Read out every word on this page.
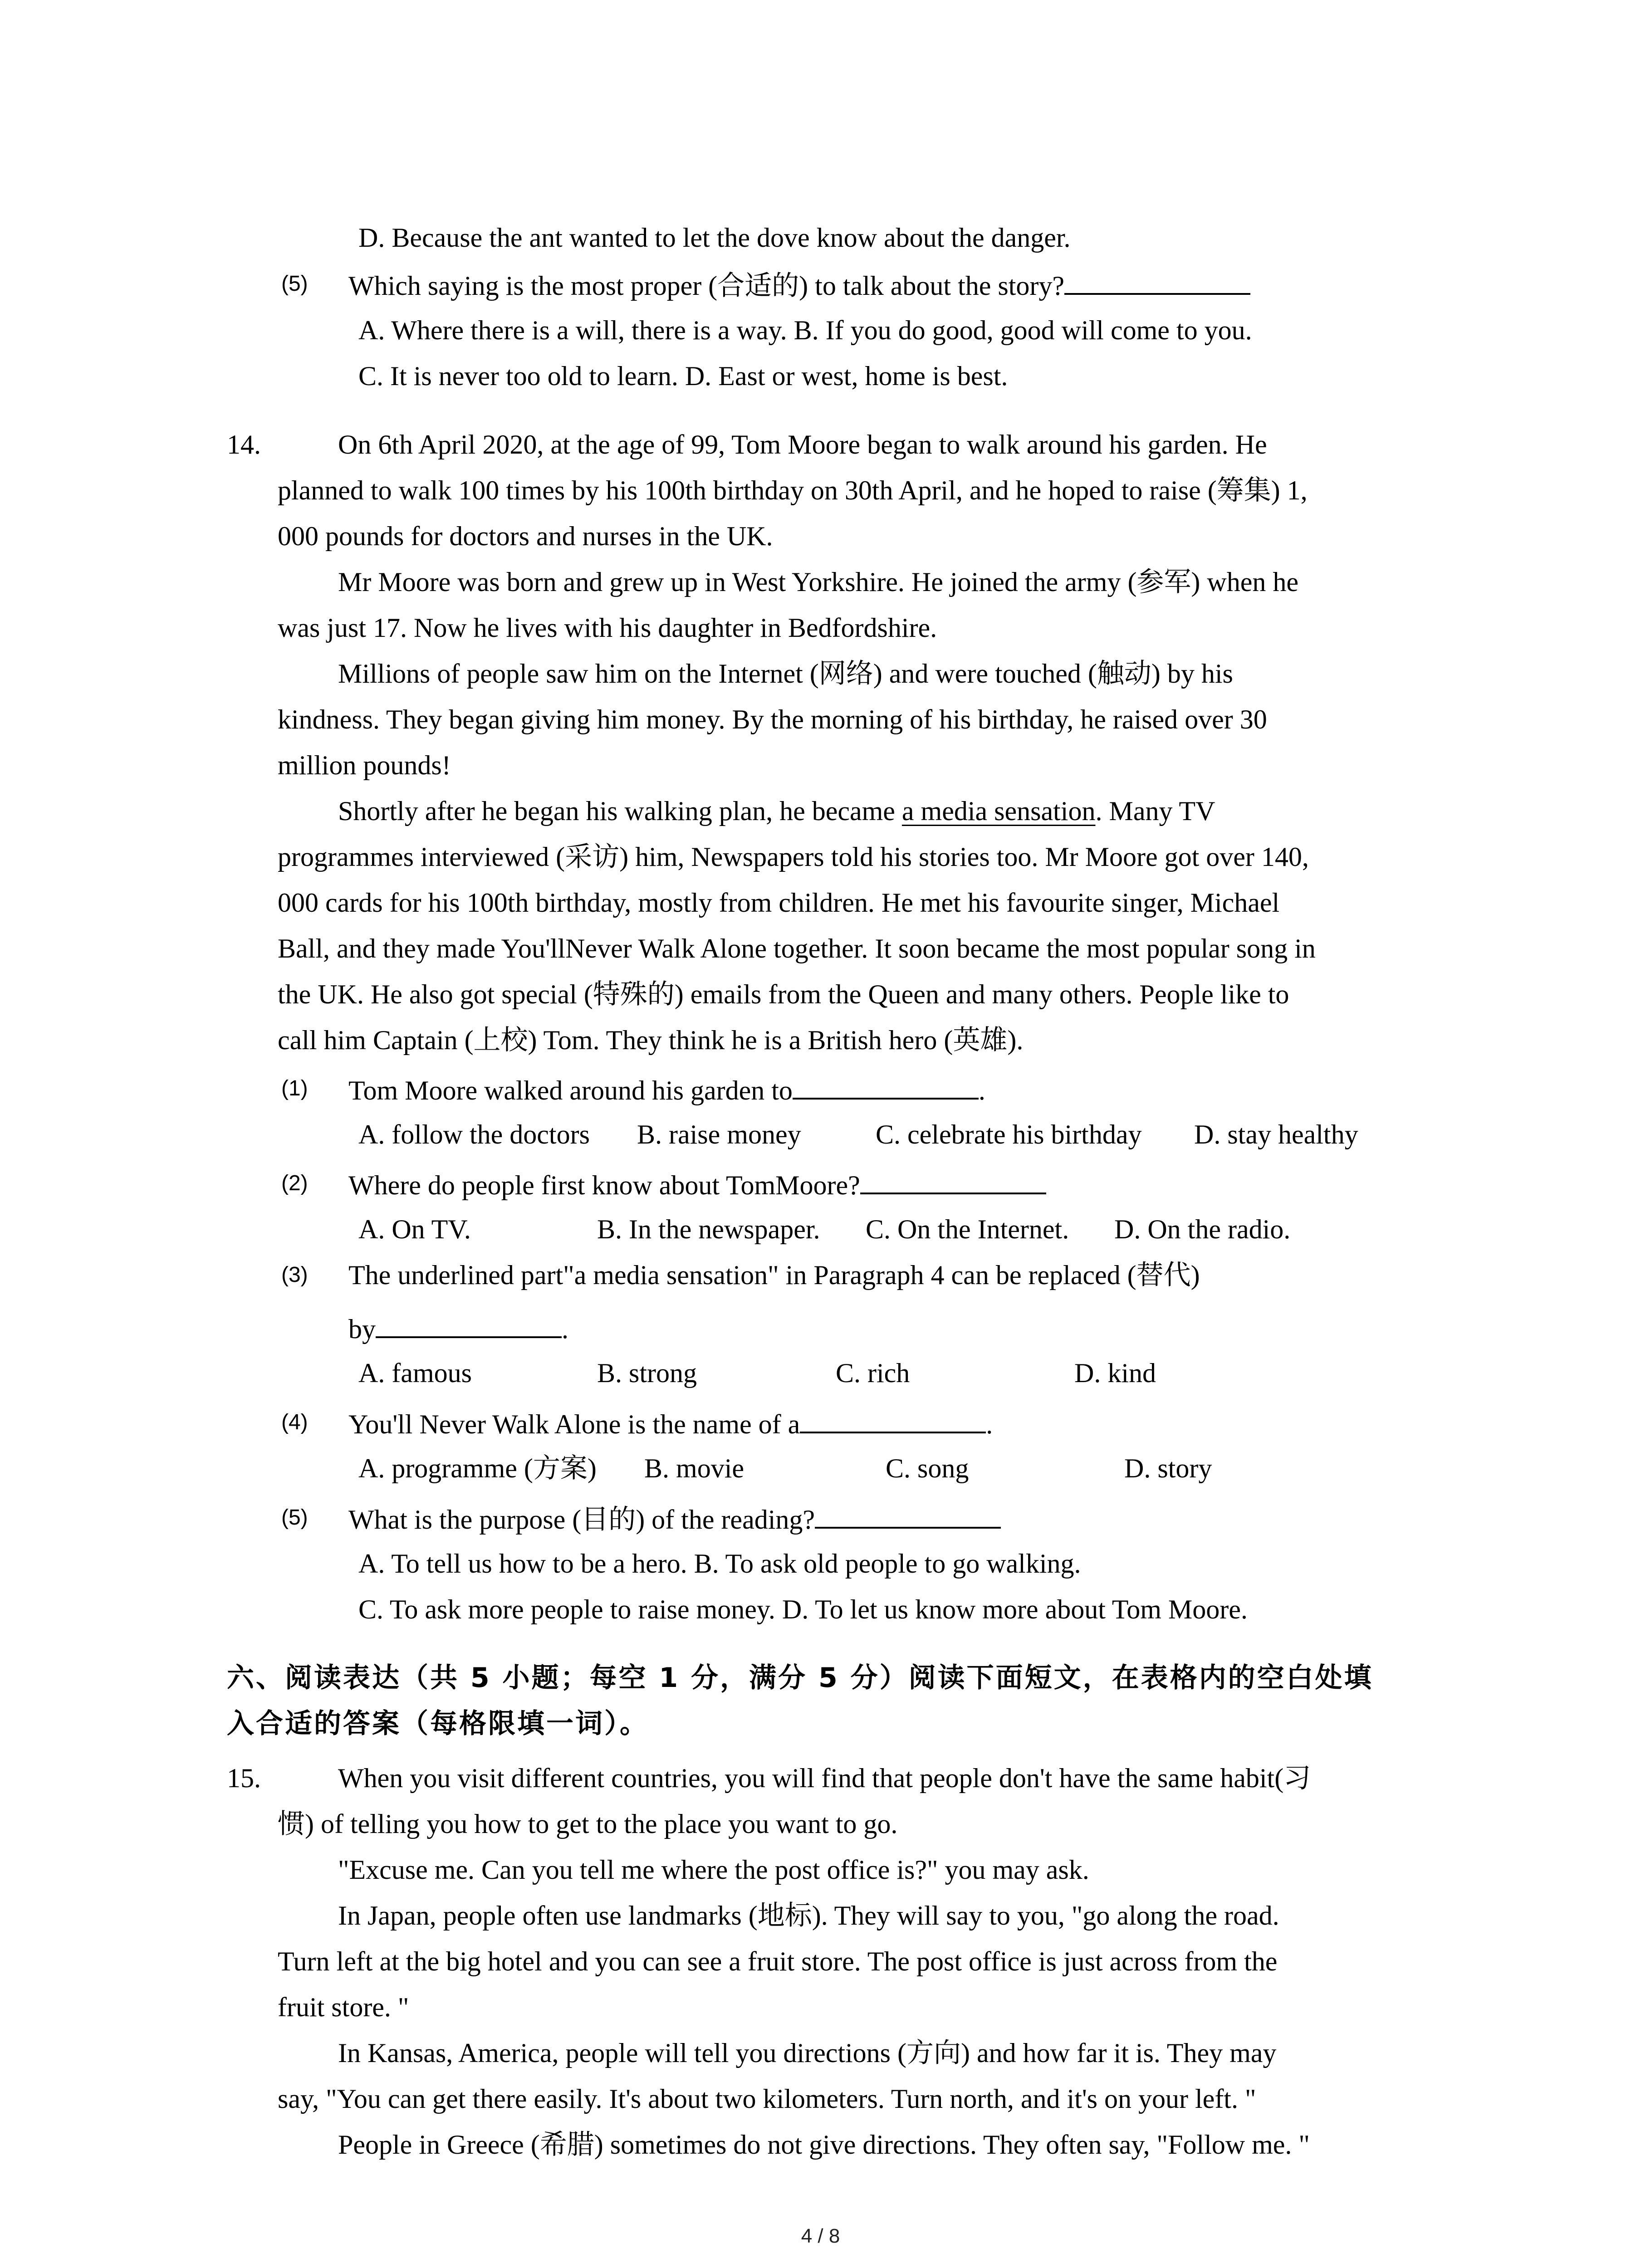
D. Because the ant wanted to let the dove know about the danger.
(5) Which saying is the most proper (合适的) to talk about the story?
A. Where there is a will, there is a way. B. If you do good, good will come to you.
C. It is never too old to learn. D. East or west, home is best.
14.	On 6th April 2020, at the age of 99, Tom Moore began to walk around his garden. He
planned to walk 100 times by his 100th birthday on 30th April, and he hoped to raise (筹集) 1,
000 pounds for doctors and nurses in the UK.
Mr Moore was born and grew up in West Yorkshire. He joined the army (参军) when he
was just 17. Now he lives with his daughter in Bedfordshire.
Millions of people saw him on the Internet (网络) and were touched (触动) by his
kindness. They began giving him money. By the morning of his birthday, he raised over 30
million pounds!
Shortly after he began his walking plan, he became a media sensation. Many TV
programmes interviewed (采访) him, Newspapers told his stories too. Mr Moore got over 140,
000 cards for his 100th birthday, mostly from children. He met his favourite singer, Michael
Ball, and they made You'llNever Walk Alone together. It soon became the most popular song in
the UK. He also got special (特殊的) emails from the Queen and many others. People like to
call him Captain (上校) Tom. They think he is a British hero (英雄).
(1) Tom Moore walked around his garden to	.
A. follow the doctors B. raise money	C. celebrate his birthday D. stay healthy
(2) Where do people first know about TomMoore?
A. On TV.	B. In the newspaper. C. On the Internet. D. On the radio.
(3) The underlined part"a media sensation" in Paragraph 4 can be replaced (替代)
by	.
A. famous	B. strong	C. rich	D. kind
(4) You'll Never Walk Alone is the name of a	.
A. programme (方案) B. movie	C. song	D. story
(5) What is the purpose (目的) of the reading?
A. To tell us how to be a hero. B. To ask old people to go walking.
C. To ask more people to raise money. D. To let us know more about Tom Moore.
六、阅读表达（共 5 小题；每空 1 分，满分 5 分）阅读下面短文，在表格内的空白处填
入合适的答案（每格限填一词）。
15.	When you visit different countries, you will find that people don't have the same habit(习
惯) of telling you how to get to the place you want to go.
"Excuse me. Can you tell me where the post office is?" you may ask.
In Japan, people often use landmarks (地标). They will say to you, "go along the road.
Turn left at the big hotel and you can see a fruit store. The post office is just across from the
fruit store. "
In Kansas, America, people will tell you directions (方向) and how far it is. They may
say, "You can get there easily. It's about two kilometers. Turn north, and it's on your left. "
People in Greece (希腊) sometimes do not give directions. They often say, "Follow me. "
4 / 8
